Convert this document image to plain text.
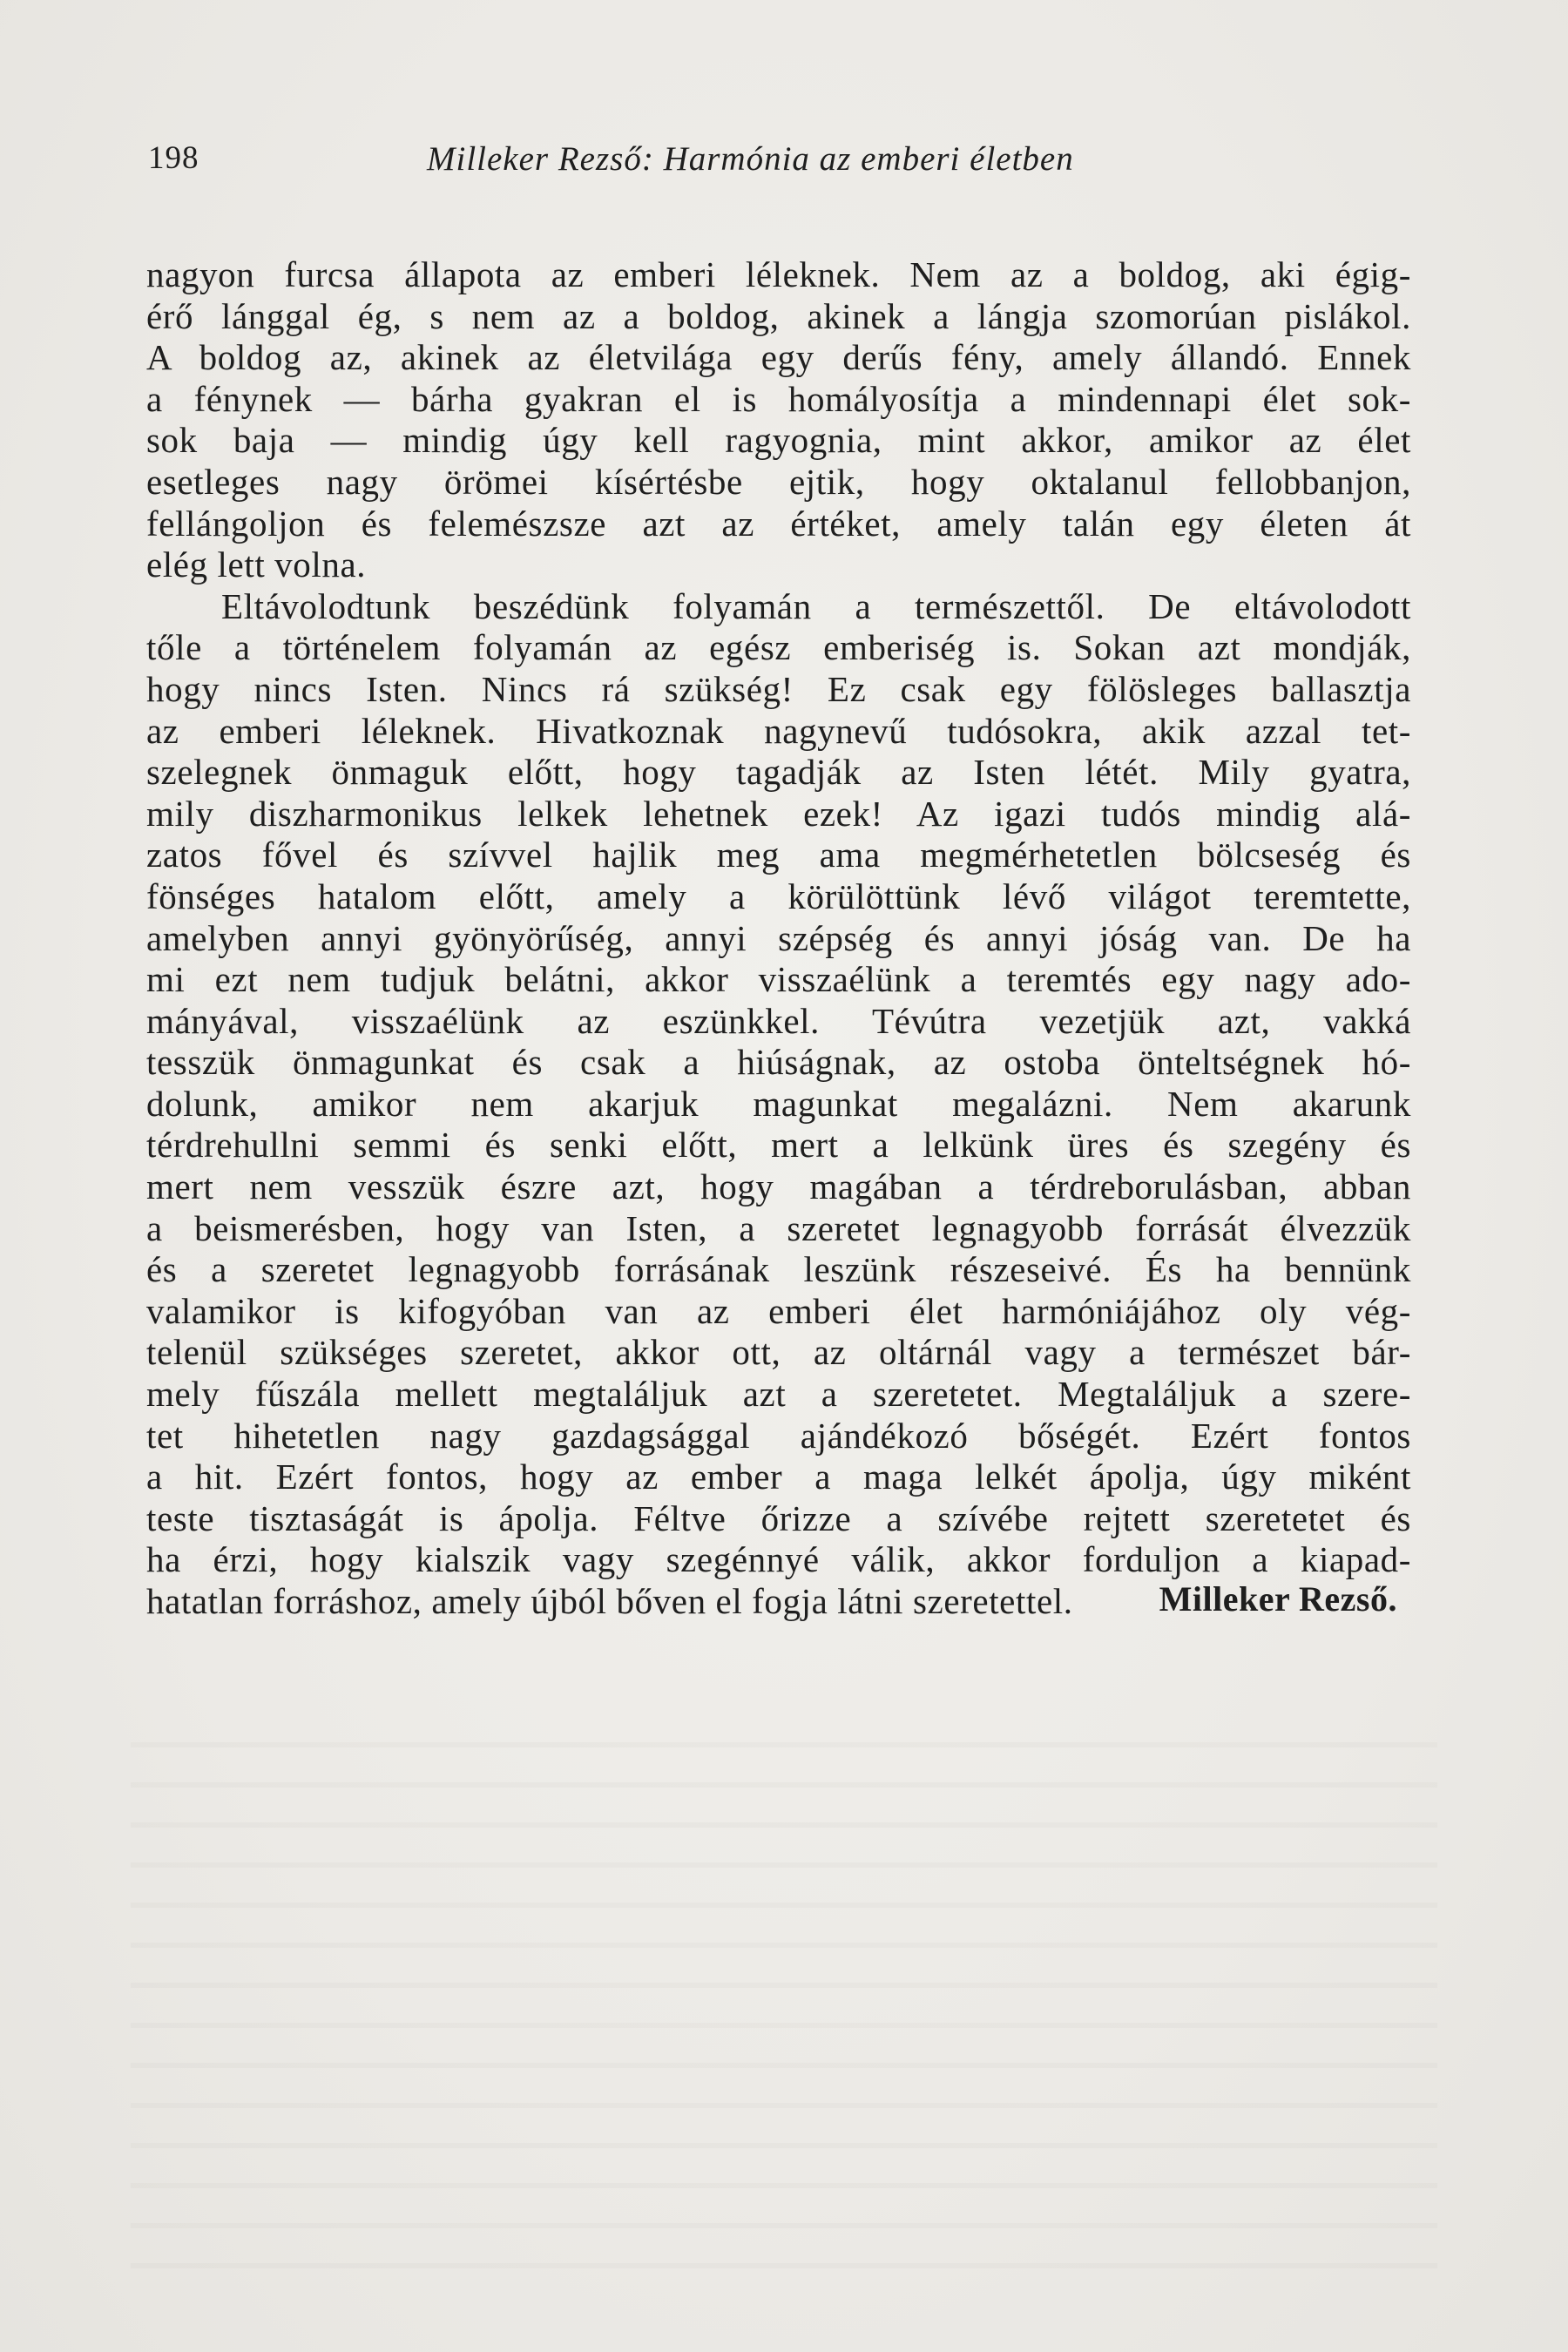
198	Milleker Rezső: Harmónia az emberi életben

nagyon furcsa állapota az emberi léleknek. Nem az a boldog, aki égig-
érő lánggal ég, s nem az a boldog, akinek a lángja szomorúan pislákol.
A boldog az, akinek az életvilága egy derűs fény, amely állandó. Ennek
a fénynek — bárha gyakran el is homályosítja a mindennapi élet sok-
sok baja — mindig úgy kell ragyognia, mint akkor, amikor az élet
esetleges nagy örömei kísértésbe ejtik, hogy oktalanul fellobbanjon,
fellángoljon és felemészsze azt az értéket, amely talán egy életen át
elég lett volna.

Eltávolodtunk beszédünk folyamán a természettől. De eltávolodott
tőle a történelem folyamán az egész emberiség is. Sokan azt mondják,
hogy nincs Isten. Nincs rá szükség! Ez csak egy fölösleges ballasztja
az emberi léleknek. Hivatkoznak nagynevű tudósokra, akik azzal tet-
szelegnek önmaguk előtt, hogy tagadják az Isten létét. Mily gyatra,
mily diszharmonikus lelkek lehetnek ezek! Az igazi tudós mindig alá-
zatos fővel és szívvel hajlik meg ama megmérhetetlen bölcseség és
fönséges hatalom előtt, amely a körülöttünk lévő világot teremtette,
amelyben annyi gyönyörűség, annyi szépség és annyi jóság van. De ha
mi ezt nem tudjuk belátni, akkor visszaélünk a teremtés egy nagy ado-
mányával, visszaélünk az eszünkkel. Tévútra vezetjük azt, vakká
tesszük önmagunkat és csak a hiúságnak, az ostoba önteltségnek hó-
dolunk, amikor nem akarjuk magunkat megalázni. Nem akarunk
térdrehullni semmi és senki előtt, mert a lelkünk üres és szegény és
mert nem vesszük észre azt, hogy magában a térdreborulásban, abban
a beismerésben, hogy van Isten, a szeretet legnagyobb forrását élvezzük
és a szeretet legnagyobb forrásának leszünk részeseivé. És ha bennünk
valamikor is kifogyóban van az emberi élet harmóniájához oly vég-
telenül szükséges szeretet, akkor ott, az oltárnál vagy a természet bár-
mely fűszála mellett megtaláljuk azt a szeretetet. Megtaláljuk a szere-
tet hihetetlen nagy gazdagsággal ajándékozó bőségét. Ezért fontos
a hit. Ezért fontos, hogy az ember a maga lelkét ápolja, úgy miként
teste tisztaságát is ápolja. Féltve őrizze a szívébe rejtett szeretetet és
ha érzi, hogy kialszik vagy szegénnyé válik, akkor forduljon a kiapad-
hatatlan forráshoz, amely újból bőven el fogja látni szeretettel.	Milleker Rezső.
